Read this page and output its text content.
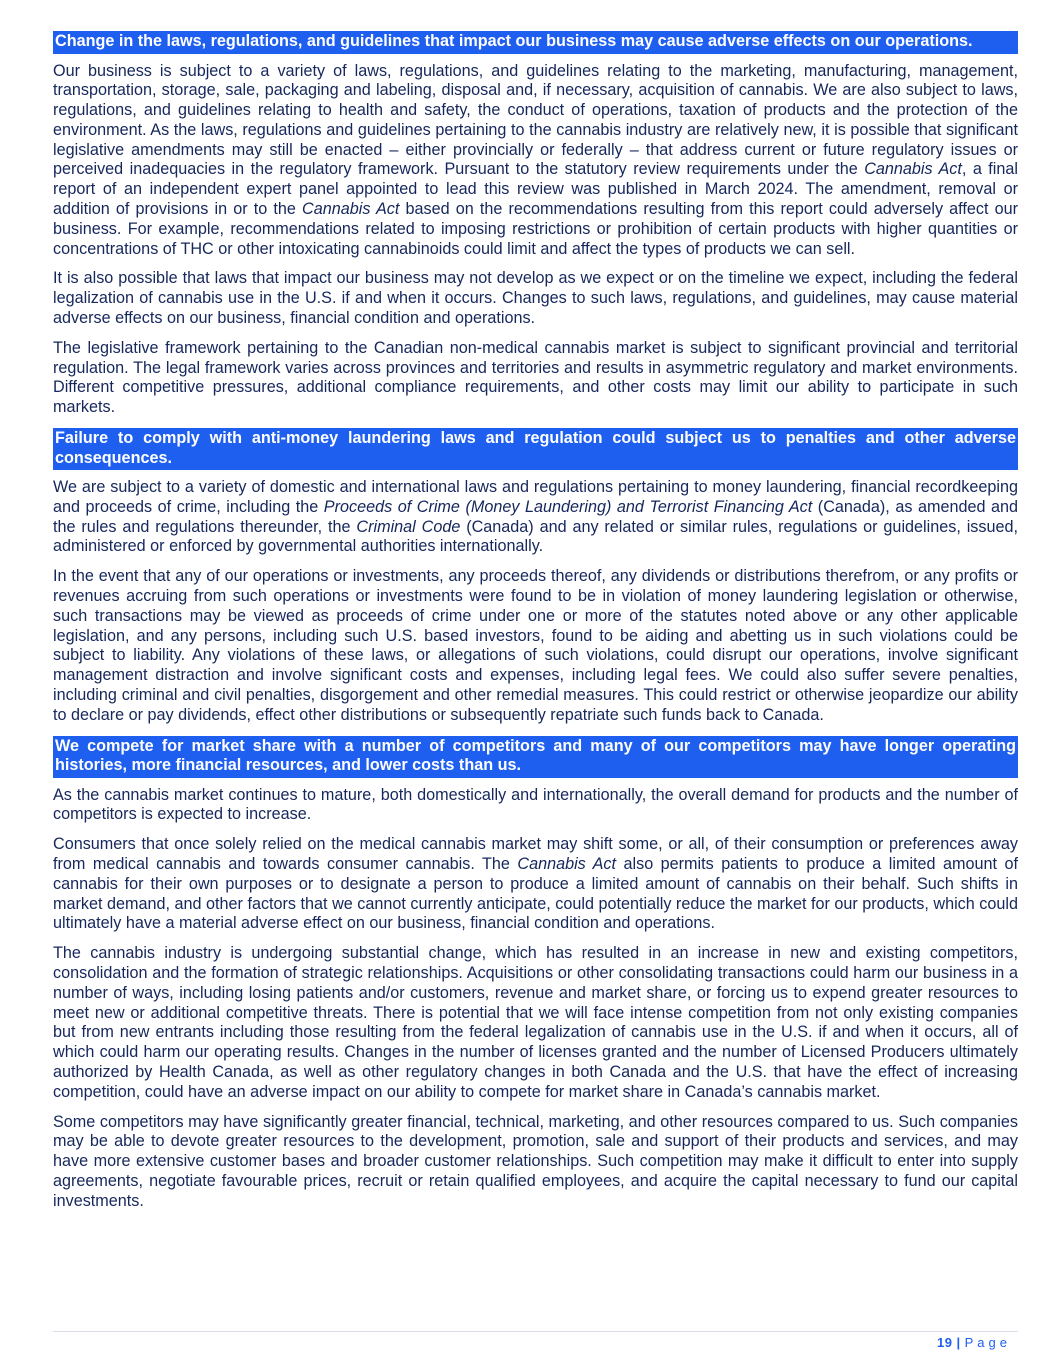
Change in the laws, regulations, and guidelines that impact our business may cause adverse effects on our operations.

Our business is subject to a variety of laws, regulations, and guidelines relating to the marketing, manufacturing, management, transportation, storage, sale, packaging and labeling, disposal and, if necessary, acquisition of cannabis. We are also subject to laws, regulations, and guidelines relating to health and safety, the conduct of operations, taxation of products and the protection of the environment. As the laws, regulations and guidelines pertaining to the cannabis industry are relatively new, it is possible that significant legislative amendments may still be enacted – either provincially or federally – that address current or future regulatory issues or perceived inadequacies in the regulatory framework. Pursuant to the statutory review requirements under the Cannabis Act, a final report of an independent expert panel appointed to lead this review was published in March 2024. The amendment, removal or addition of provisions in or to the Cannabis Act based on the recommendations resulting from this report could adversely affect our business. For example, recommendations related to imposing restrictions or prohibition of certain products with higher quantities or concentrations of THC or other intoxicating cannabinoids could limit and affect the types of products we can sell.

It is also possible that laws that impact our business may not develop as we expect or on the timeline we expect, including the federal legalization of cannabis use in the U.S. if and when it occurs. Changes to such laws, regulations, and guidelines, may cause material adverse effects on our business, financial condition and operations.

The legislative framework pertaining to the Canadian non-medical cannabis market is subject to significant provincial and territorial regulation. The legal framework varies across provinces and territories and results in asymmetric regulatory and market environments. Different competitive pressures, additional compliance requirements, and other costs may limit our ability to participate in such markets.

Failure to comply with anti-money laundering laws and regulation could subject us to penalties and other adverse consequences.

We are subject to a variety of domestic and international laws and regulations pertaining to money laundering, financial recordkeeping and proceeds of crime, including the Proceeds of Crime (Money Laundering) and Terrorist Financing Act (Canada), as amended and the rules and regulations thereunder, the Criminal Code (Canada) and any related or similar rules, regulations or guidelines, issued, administered or enforced by governmental authorities internationally.

In the event that any of our operations or investments, any proceeds thereof, any dividends or distributions therefrom, or any profits or revenues accruing from such operations or investments were found to be in violation of money laundering legislation or otherwise, such transactions may be viewed as proceeds of crime under one or more of the statutes noted above or any other applicable legislation, and any persons, including such U.S. based investors, found to be aiding and abetting us in such violations could be subject to liability. Any violations of these laws, or allegations of such violations, could disrupt our operations, involve significant management distraction and involve significant costs and expenses, including legal fees. We could also suffer severe penalties, including criminal and civil penalties, disgorgement and other remedial measures. This could restrict or otherwise jeopardize our ability to declare or pay dividends, effect other distributions or subsequently repatriate such funds back to Canada.

We compete for market share with a number of competitors and many of our competitors may have longer operating histories, more financial resources, and lower costs than us.

As the cannabis market continues to mature, both domestically and internationally, the overall demand for products and the number of competitors is expected to increase.

Consumers that once solely relied on the medical cannabis market may shift some, or all, of their consumption or preferences away from medical cannabis and towards consumer cannabis. The Cannabis Act also permits patients to produce a limited amount of cannabis for their own purposes or to designate a person to produce a limited amount of cannabis on their behalf. Such shifts in market demand, and other factors that we cannot currently anticipate, could potentially reduce the market for our products, which could ultimately have a material adverse effect on our business, financial condition and operations.

The cannabis industry is undergoing substantial change, which has resulted in an increase in new and existing competitors, consolidation and the formation of strategic relationships. Acquisitions or other consolidating transactions could harm our business in a number of ways, including losing patients and/or customers, revenue and market share, or forcing us to expend greater resources to meet new or additional competitive threats. There is potential that we will face intense competition from not only existing companies but from new entrants including those resulting from the federal legalization of cannabis use in the U.S. if and when it occurs, all of which could harm our operating results. Changes in the number of licenses granted and the number of Licensed Producers ultimately authorized by Health Canada, as well as other regulatory changes in both Canada and the U.S. that have the effect of increasing competition, could have an adverse impact on our ability to compete for market share in Canada’s cannabis market.

Some competitors may have significantly greater financial, technical, marketing, and other resources compared to us. Such companies may be able to devote greater resources to the development, promotion, sale and support of their products and services, and may have more extensive customer bases and broader customer relationships. Such competition may make it difficult to enter into supply agreements, negotiate favourable prices, recruit or retain qualified employees, and acquire the capital necessary to fund our capital investments.

19 | Page
